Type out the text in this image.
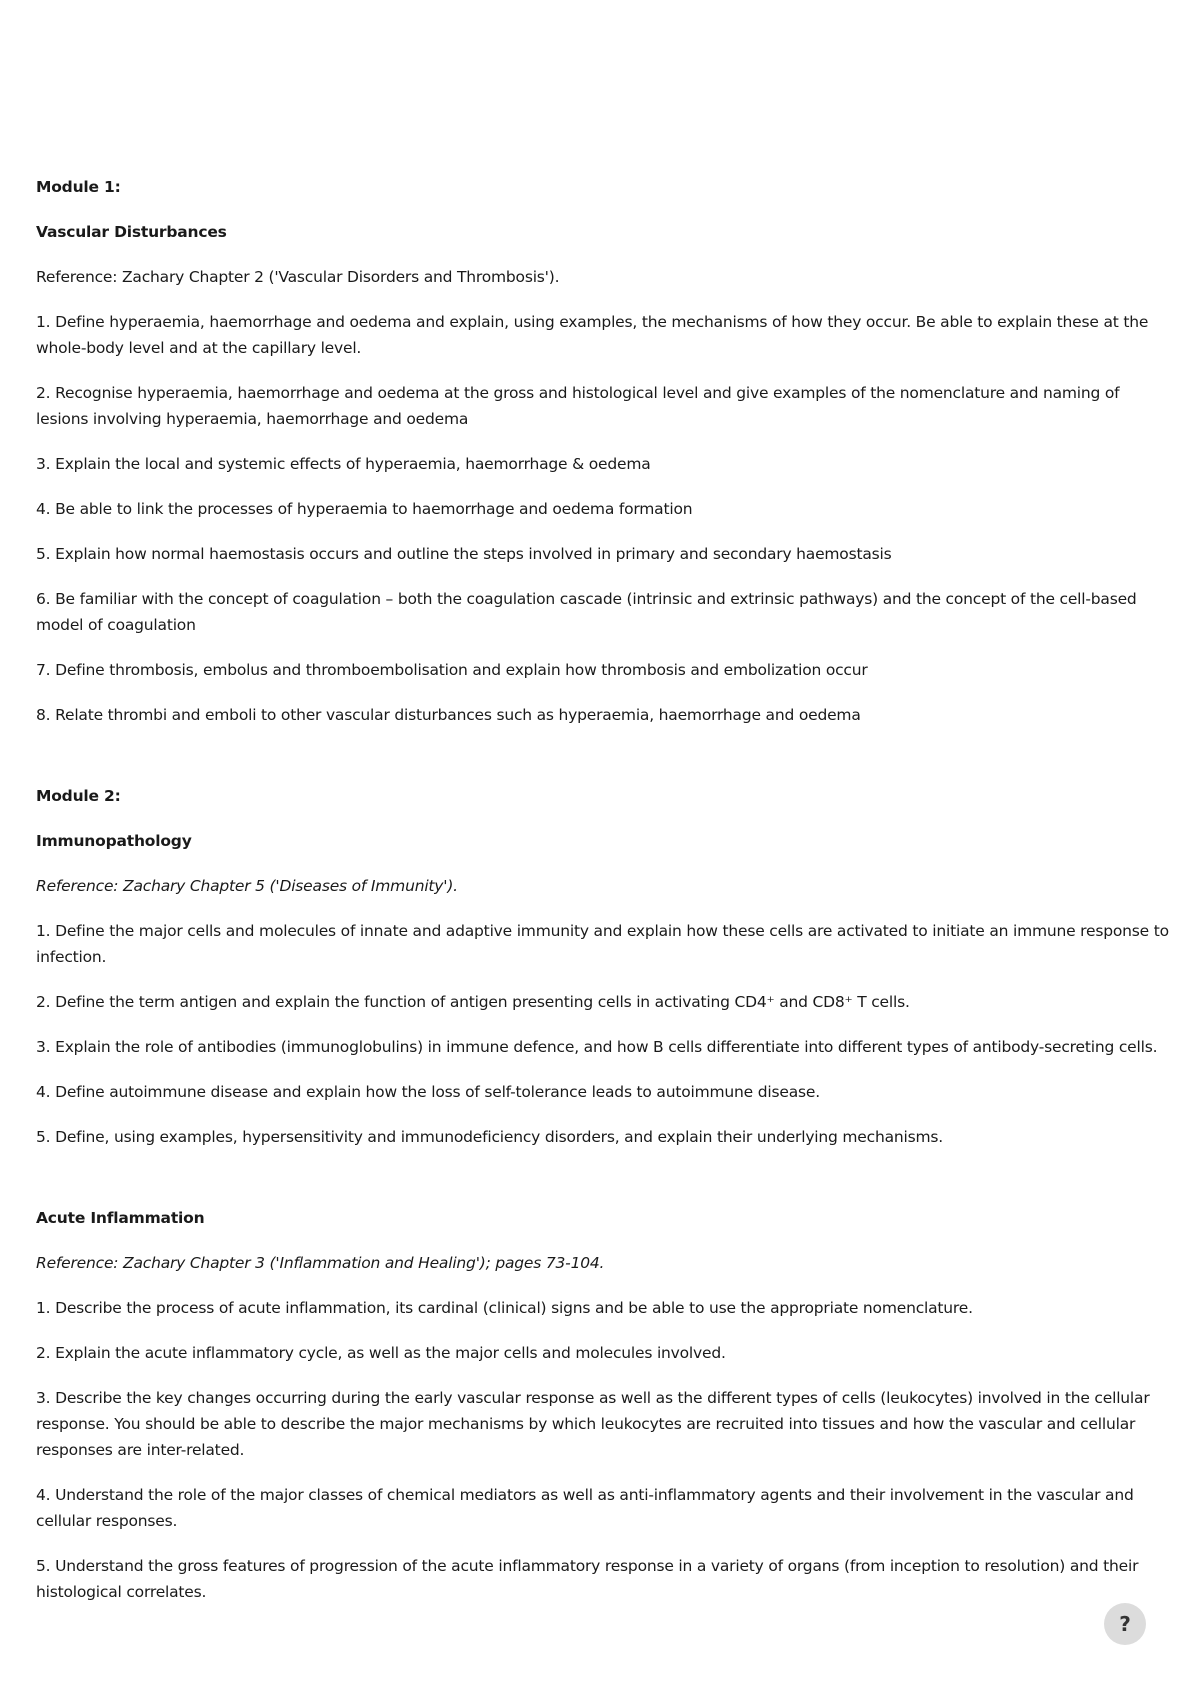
Module 1:

Vascular Disturbances

Reference: Zachary Chapter 2 ('Vascular Disorders and Thrombosis').

1. Define hyperaemia, haemorrhage and oedema and explain, using examples, the mechanisms of how they occur. Be able to explain these at the whole-body level and at the capillary level.

2. Recognise hyperaemia, haemorrhage and oedema at the gross and histological level and give examples of the nomenclature and naming of lesions involving hyperaemia, haemorrhage and oedema

3. Explain the local and systemic effects of hyperaemia, haemorrhage & oedema

4. Be able to link the processes of hyperaemia to haemorrhage and oedema formation

5. Explain how normal haemostasis occurs and outline the steps involved in primary and secondary haemostasis

6. Be familiar with the concept of coagulation – both the coagulation cascade (intrinsic and extrinsic pathways) and the concept of the cell-based model of coagulation

7. Define thrombosis, embolus and thromboembolisation and explain how thrombosis and embolization occur

8. Relate thrombi and emboli to other vascular disturbances such as hyperaemia, haemorrhage and oedema

Module 2:

Immunopathology

Reference: Zachary Chapter 5 ('Diseases of Immunity').

1. Define the major cells and molecules of innate and adaptive immunity and explain how these cells are activated to initiate an immune response to infection.

2. Define the term antigen and explain the function of antigen presenting cells in activating CD4⁺ and CD8⁺ T cells.

3. Explain the role of antibodies (immunoglobulins) in immune defence, and how B cells differentiate into different types of antibody-secreting cells.

4. Define autoimmune disease and explain how the loss of self-tolerance leads to autoimmune disease.

5. Define, using examples, hypersensitivity and immunodeficiency disorders, and explain their underlying mechanisms.

Acute Inflammation

Reference: Zachary Chapter 3 ('Inflammation and Healing'); pages 73-104.

1. Describe the process of acute inflammation, its cardinal (clinical) signs and be able to use the appropriate nomenclature.

2. Explain the acute inflammatory cycle, as well as the major cells and molecules involved.

3. Describe the key changes occurring during the early vascular response as well as the different types of cells (leukocytes) involved in the cellular response. You should be able to describe the major mechanisms by which leukocytes are recruited into tissues and how the vascular and cellular responses are inter-related.

4. Understand the role of the major classes of chemical mediators as well as anti-inflammatory agents and their involvement in the vascular and cellular responses.

5. Understand the gross features of progression of the acute inflammatory response in a variety of organs (from inception to resolution) and their histological correlates.

?
